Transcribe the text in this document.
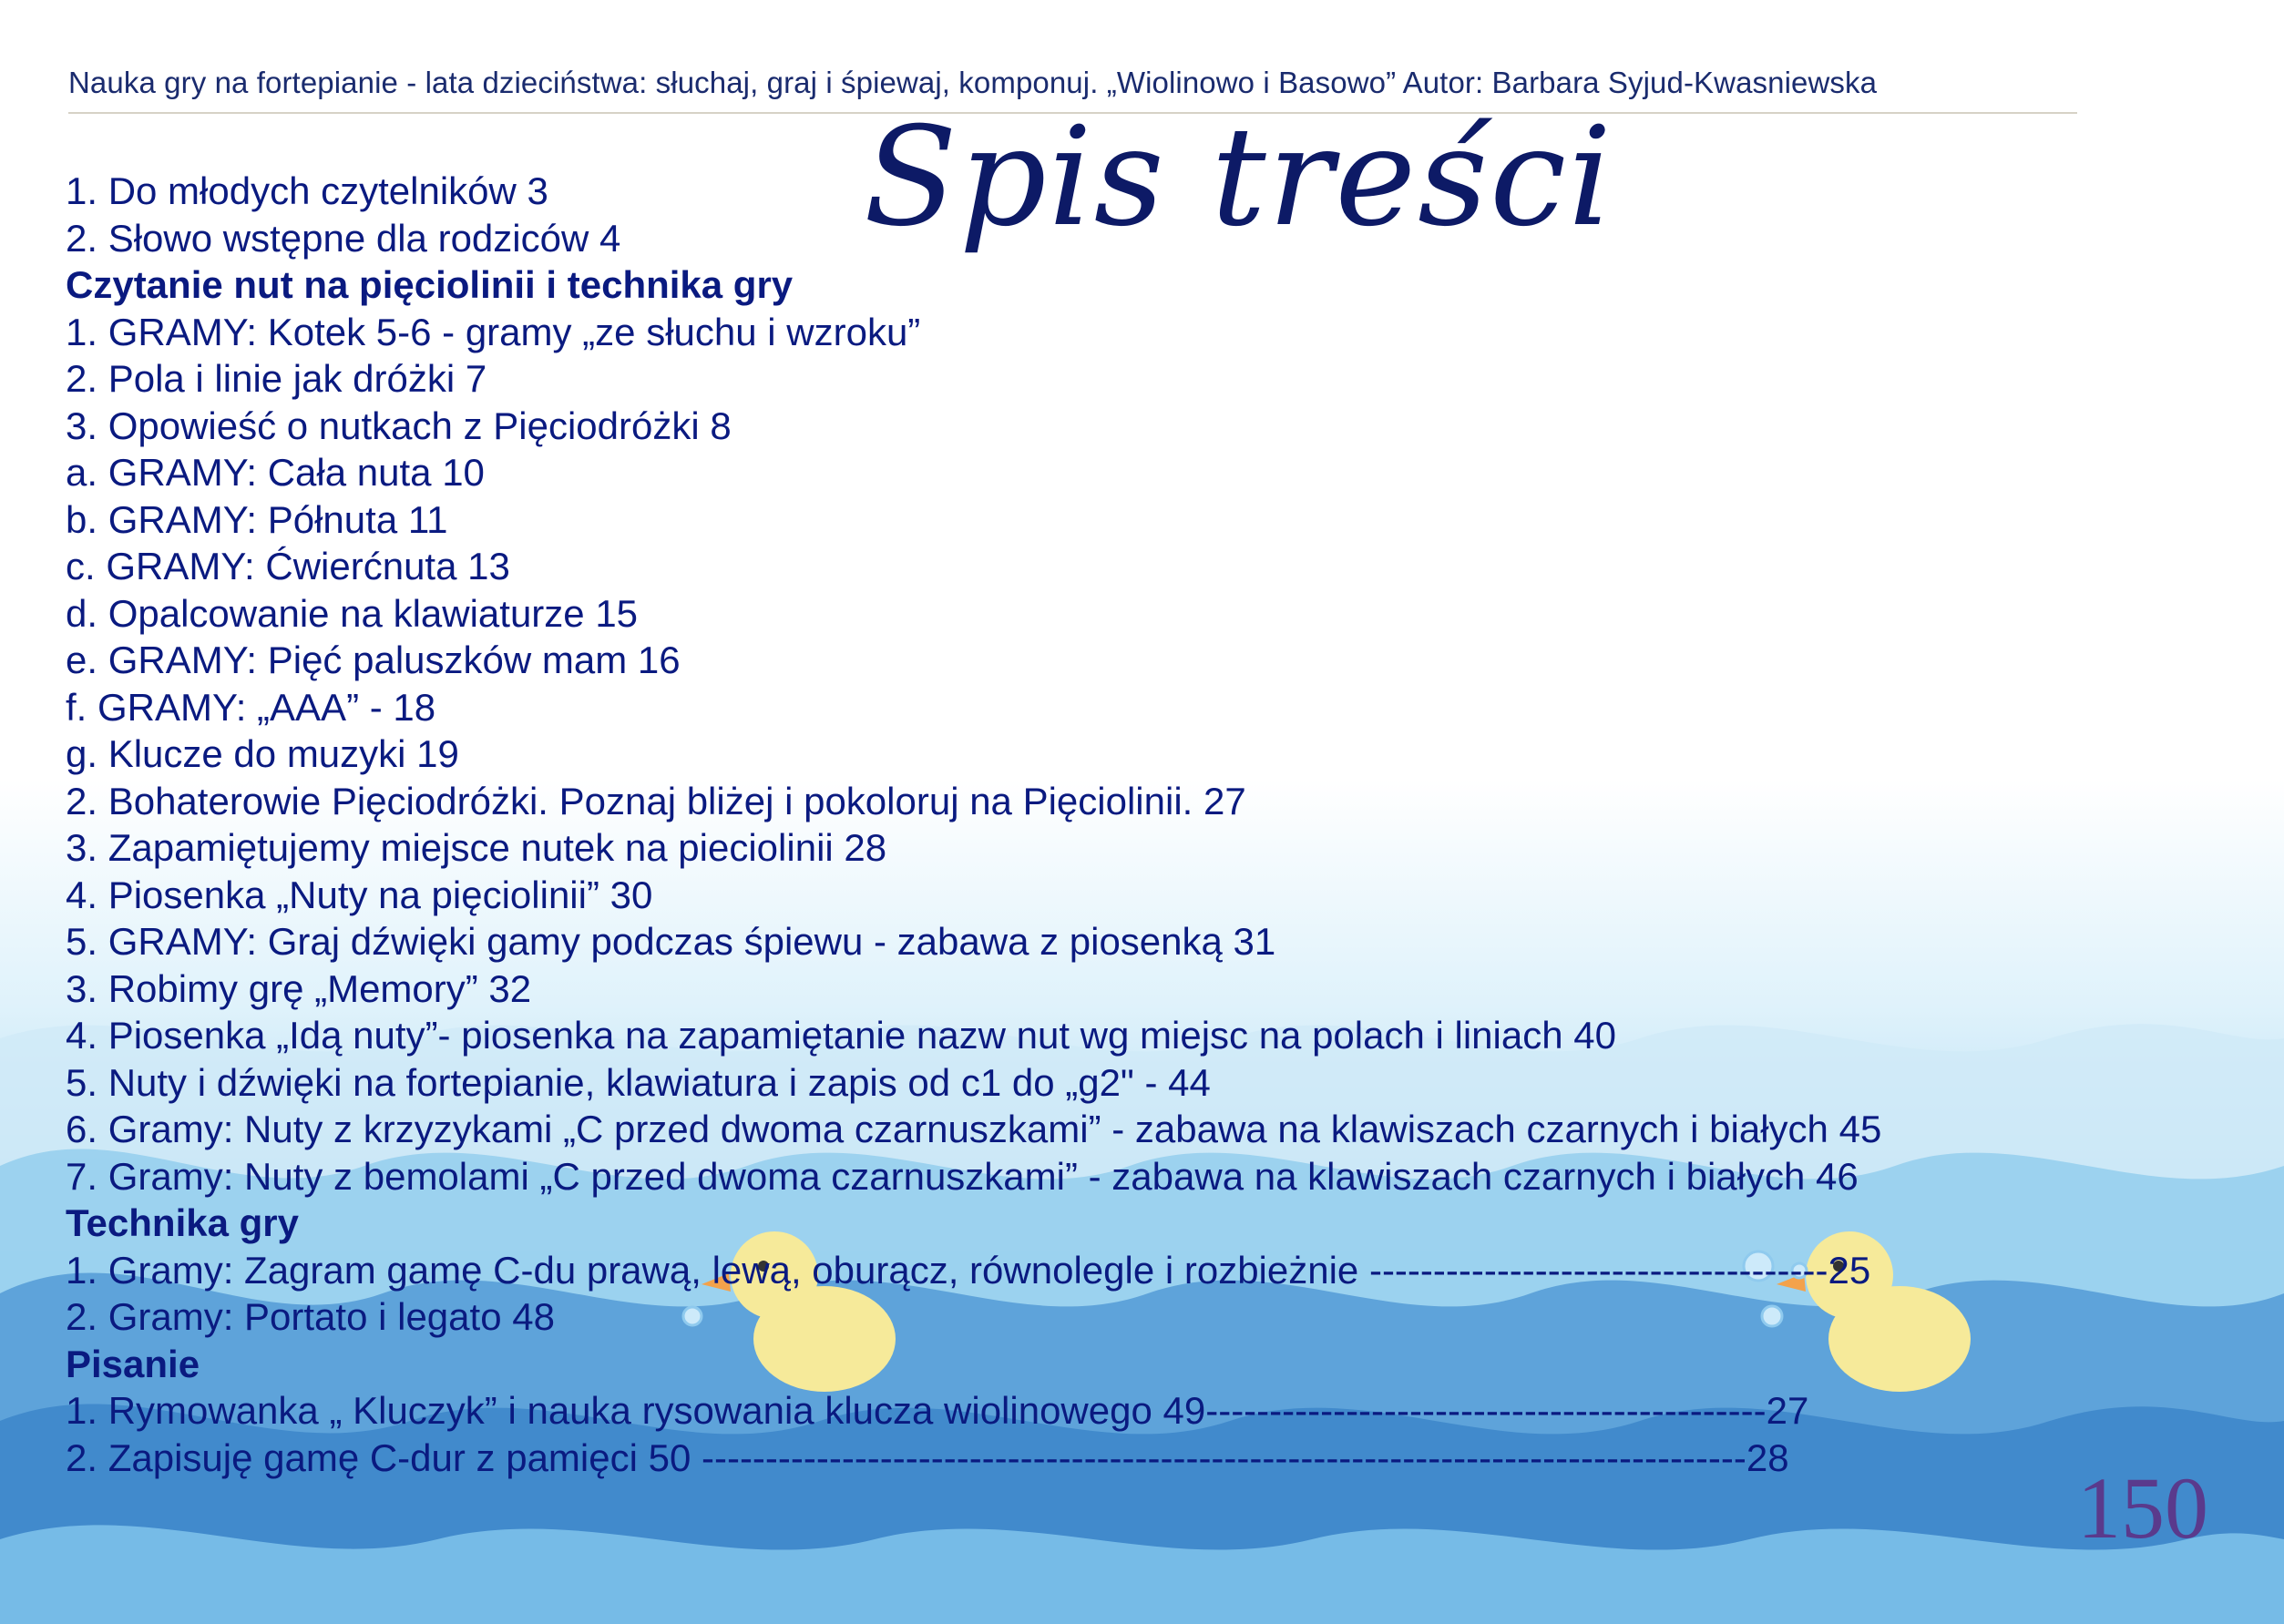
Nauka gry na fortepianie - lata dzieciństwa: słuchaj, graj i śpiewaj, komponuj. „Wiolinowo i Basowo” Autor: Barbara Syjud-Kwasniewska
Spis treści
1. Do młodych czytelników 3
2. Słowo wstępne dla rodziców 4
Czytanie nut na pięciolinii i technika gry
1. GRAMY: Kotek 5-6 - gramy „ze słuchu i wzroku”
2. Pola i linie jak dróżki 7
3. Opowieść o nutkach z Pięciodróżki 8
a. GRAMY: Cała nuta 10
b. GRAMY: Półnuta 11
c. GRAMY: Ćwierćnuta 13
d. Opalcowanie na klawiaturze 15
e. GRAMY: Pięć paluszków mam 16
f. GRAMY: „AAA” - 18
g. Klucze do muzyki 19
2. Bohaterowie Pięciodróżki. Poznaj bliżej i pokoloruj na Pięciolinii. 27
3. Zapamiętujemy miejsce nutek na pieciolinii 28
4. Piosenka „Nuty na pięciolinii” 30
5. GRAMY: Graj dźwięki gamy podczas śpiewu - zabawa z piosenką 31
3. Robimy grę „Memory” 32
4. Piosenka „Idą nuty”- piosenka na zapamiętanie nazw nut wg miejsc na polach i liniach 40
5. Nuty i dźwięki na fortepianie, klawiatura i zapis od c1 do „g2" - 44
6. Gramy: Nuty z krzyzykami „C przed dwoma czarnuszkami” - zabawa na klawiszach czarnych i białych 45
7. Gramy: Nuty z bemolami „C przed dwoma czarnuszkami” - zabawa na klawiszach czarnych i białych 46
Technika gry
1. Gramy: Zagram gamę C-du prawą, lewą, oburącz, równolegle i rozbieżnie ------------------------------------25
2. Gramy: Portato i legato 48
Pisanie
1. Rymowanka „ Kluczyk” i nauka rysowania klucza wiolinowego 49--------------------------------------------27
2. Zapisuję gamę C-dur z pamięci 50 ----------------------------------------------------------------------------------28
150
